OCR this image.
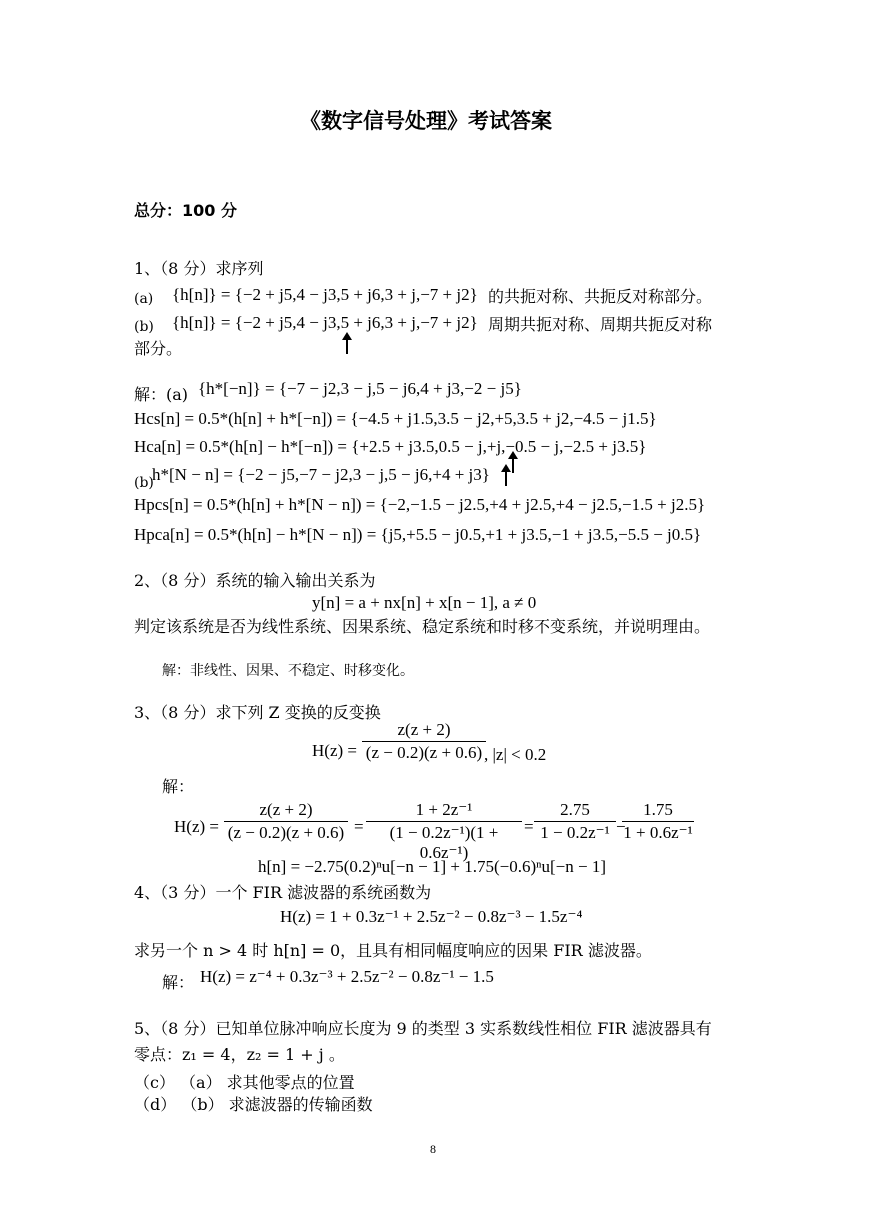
《数字信号处理》考试答案
总分：100 分
1、（8 分）求序列
(a) {h[n]} = {−2 + j5,4 − j3,5 + j6,3 + j,−7 + j2} 的共扼对称、共扼反对称部分。
(b) {h[n]} = {−2 + j5,4 − j3,5 + j6,3 + j,−7 + j2} 周期共扼对称、周期共扼反对称
部分。
解：(a) {h*[−n]} = {−7 − j2,3 − j,5 − j6,4 + j3,−2 − j5}
Hcs[n] = 0.5*(h[n] + h*[−n]) = {−4.5 + j1.5,3.5 − j2,+5,3.5 + j2,−4.5 − j1.5}
Hca[n] = 0.5*(h[n] − h*[−n]) = {+2.5 + j3.5,0.5 − j,+j,−0.5 − j,−2.5 + j3.5}
(b)
h*[N − n] = {−2 − j5,−7 − j2,3 − j,5 − j6,+4 + j3}
Hpcs[n] = 0.5*(h[n] + h*[N − n]) = {−2,−1.5 − j2.5,+4 + j2.5,+4 − j2.5,−1.5 + j2.5}
Hpca[n] = 0.5*(h[n] − h*[N − n]) = {j5,+5.5 − j0.5,+1 + j3.5,−1 + j3.5,−5.5 − j0.5}
2、（8 分）系统的输入输出关系为
y[n] = a + nx[n] + x[n − 1], a ≠ 0
判定该系统是否为线性系统、因果系统、稳定系统和时移不变系统，并说明理由。
解：非线性、因果、不稳定、时移变化。
3、（8 分）求下列 Z 变换的反变换
H(z) =
z(z + 2)
(z − 0.2)(z + 0.6) , |z| < 0.2
解：
H(z) =
z(z + 2)
(z − 0.2)(z + 0.6) =
1 + 2z⁻¹
(1 − 0.2z⁻¹)(1 + 0.6z⁻¹)
=
2.75
1 − 0.2z⁻¹ −
1.75
1 + 0.6z⁻¹
h[n] = −2.75(0.2)ⁿu[−n − 1] + 1.75(−0.6)ⁿu[−n − 1]
4、（3 分）一个 FIR 滤波器的系统函数为
H(z) = 1 + 0.3z⁻¹ + 2.5z⁻² − 0.8z⁻³ − 1.5z⁻⁴
求另一个 n > 4 时 h[n] = 0，且具有相同幅度响应的因果 FIR 滤波器。
解： H(z) = z⁻⁴ + 0.3z⁻³ + 2.5z⁻² − 0.8z⁻¹ − 1.5
5、（8 分）已知单位脉冲响应长度为 9 的类型 3 实系数线性相位 FIR 滤波器具有
零点：z₁ = 4，z₂ = 1 + j 。
（c） （a） 求其他零点的位置
（d） （b） 求滤波器的传输函数
8
